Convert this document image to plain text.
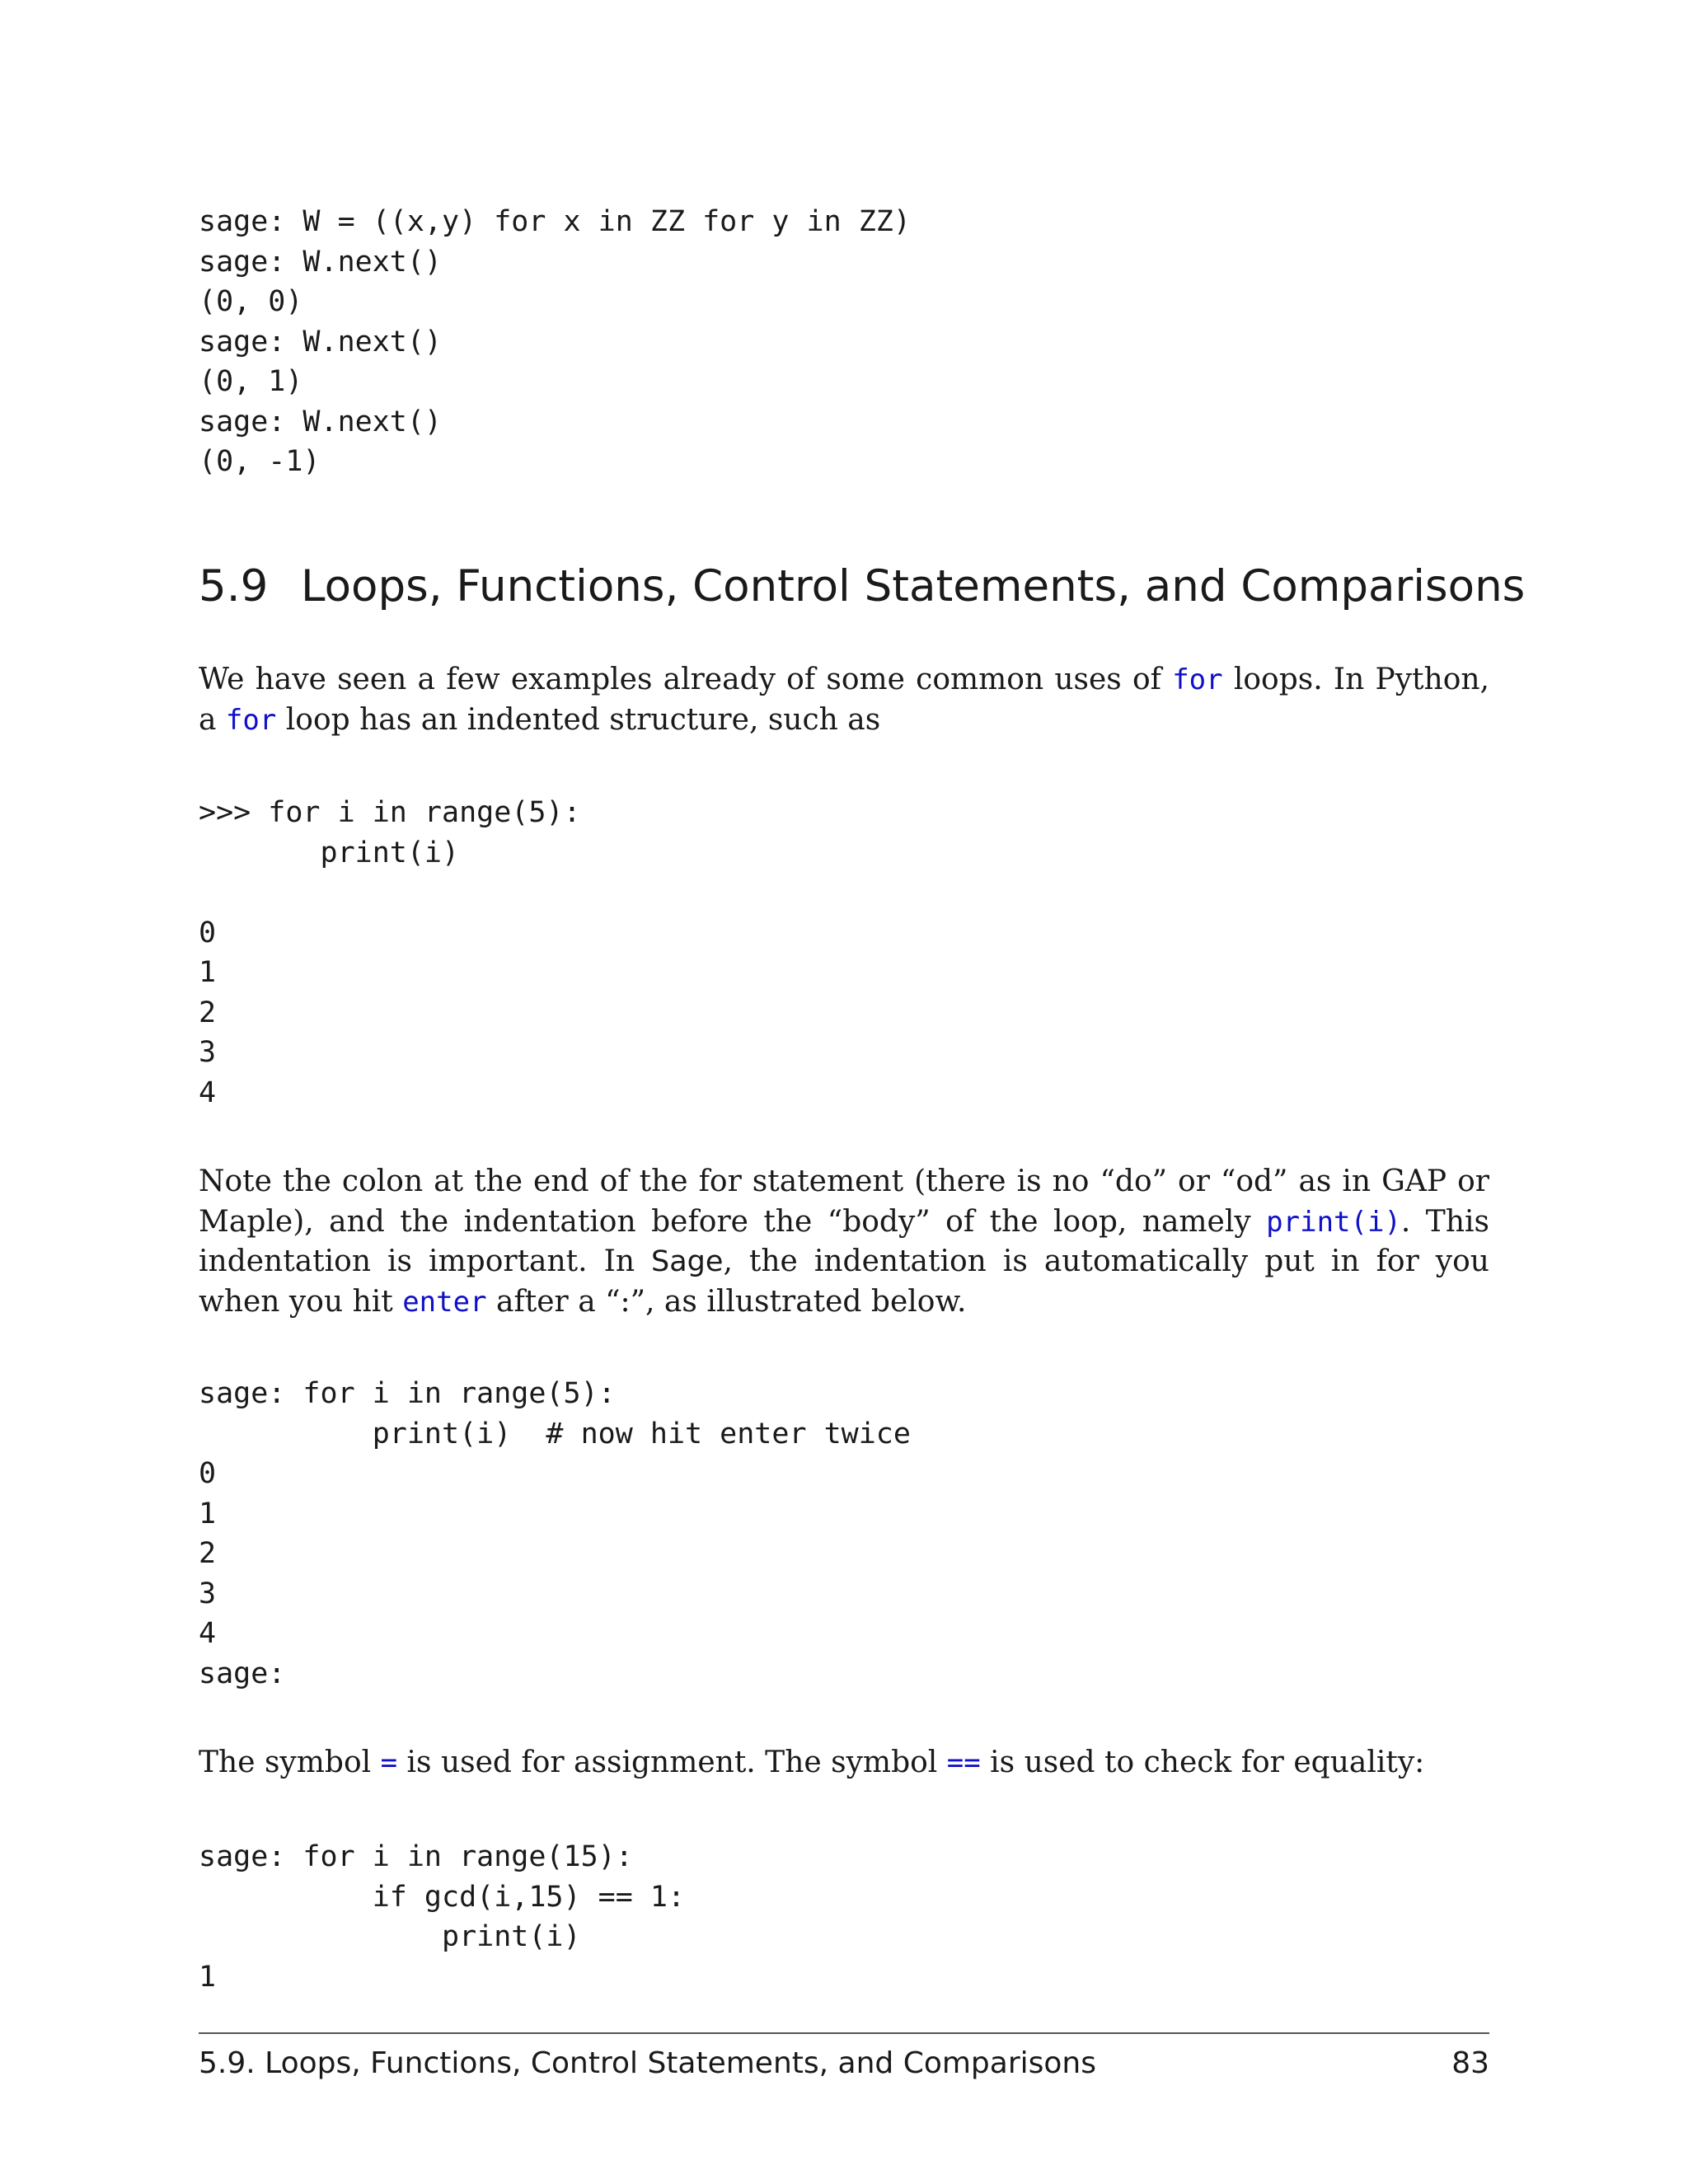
sage: W = ((x,y) for x in ZZ for y in ZZ)
sage: W.next()
(0, 0)
sage: W.next()
(0, 1)
sage: W.next()
(0, -1)
5.9 Loops, Functions, Control Statements, and Comparisons

We have seen a few examples already of some common uses of for loops. In Python, a for loop has an indented structure, such as

>>> for i in range(5):
print(i)

0
1
2
3
4

Note the colon at the end of the for statement (there is no “do” or “od” as in GAP or Maple), and the indentation before the “body” of the loop, namely print(i). This indentation is important. In Sage, the indentation is automatically put in for you when you hit enter after a “:”, as illustrated below.

sage: for i in range(5):
print(i)  # now hit enter twice
0
1
2
3
4
sage:

The symbol = is used for assignment. The symbol == is used to check for equality:

sage: for i in range(15):
if gcd(i,15) == 1:
print(i)
1
5.9. Loops, Functions, Control Statements, and Comparisons	83
